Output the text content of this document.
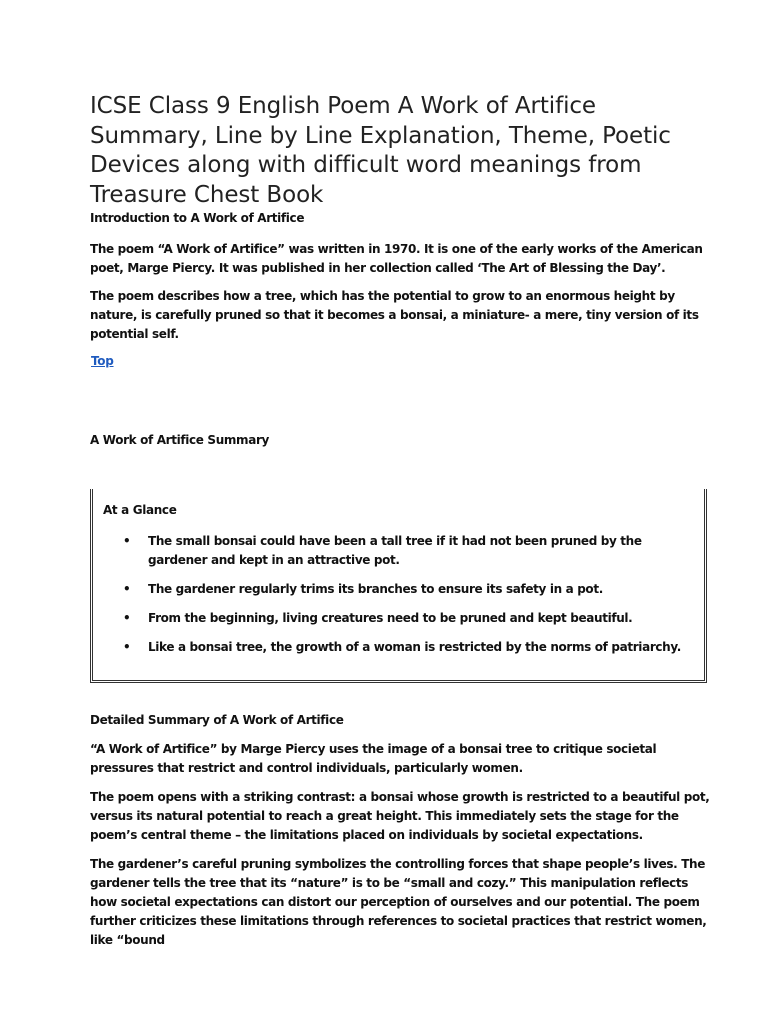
ICSE Class 9 English Poem A Work of Artifice Summary, Line by Line Explanation, Theme, Poetic Devices along with difficult word meanings from Treasure Chest Book

Introduction to A Work of Artifice

The poem “A Work of Artifice” was written in 1970. It is one of the early works of the American poet, Marge Piercy. It was published in her collection called ‘The Art of Blessing the Day’.

The poem describes how a tree, which has the potential to grow to an enormous height by nature, is carefully pruned so that it becomes a bonsai, a miniature- a mere, tiny version of its potential self.

Top

A Work of Artifice Summary

At a Glance

• The small bonsai could have been a tall tree if it had not been pruned by the gardener and kept in an attractive pot.
• The gardener regularly trims its branches to ensure its safety in a pot.
• From the beginning, living creatures need to be pruned and kept beautiful.
• Like a bonsai tree, the growth of a woman is restricted by the norms of patriarchy.

Detailed Summary of A Work of Artifice

“A Work of Artifice” by Marge Piercy uses the image of a bonsai tree to critique societal pressures that restrict and control individuals, particularly women.

The poem opens with a striking contrast: a bonsai whose growth is restricted to a beautiful pot, versus its natural potential to reach a great height. This immediately sets the stage for the poem’s central theme – the limitations placed on individuals by societal expectations.

The gardener’s careful pruning symbolizes the controlling forces that shape people’s lives. The gardener tells the tree that its “nature” is to be “small and cozy.” This manipulation reflects how societal expectations can distort our perception of ourselves and our potential. The poem further criticizes these limitations through references to societal practices that restrict women, like “bound
